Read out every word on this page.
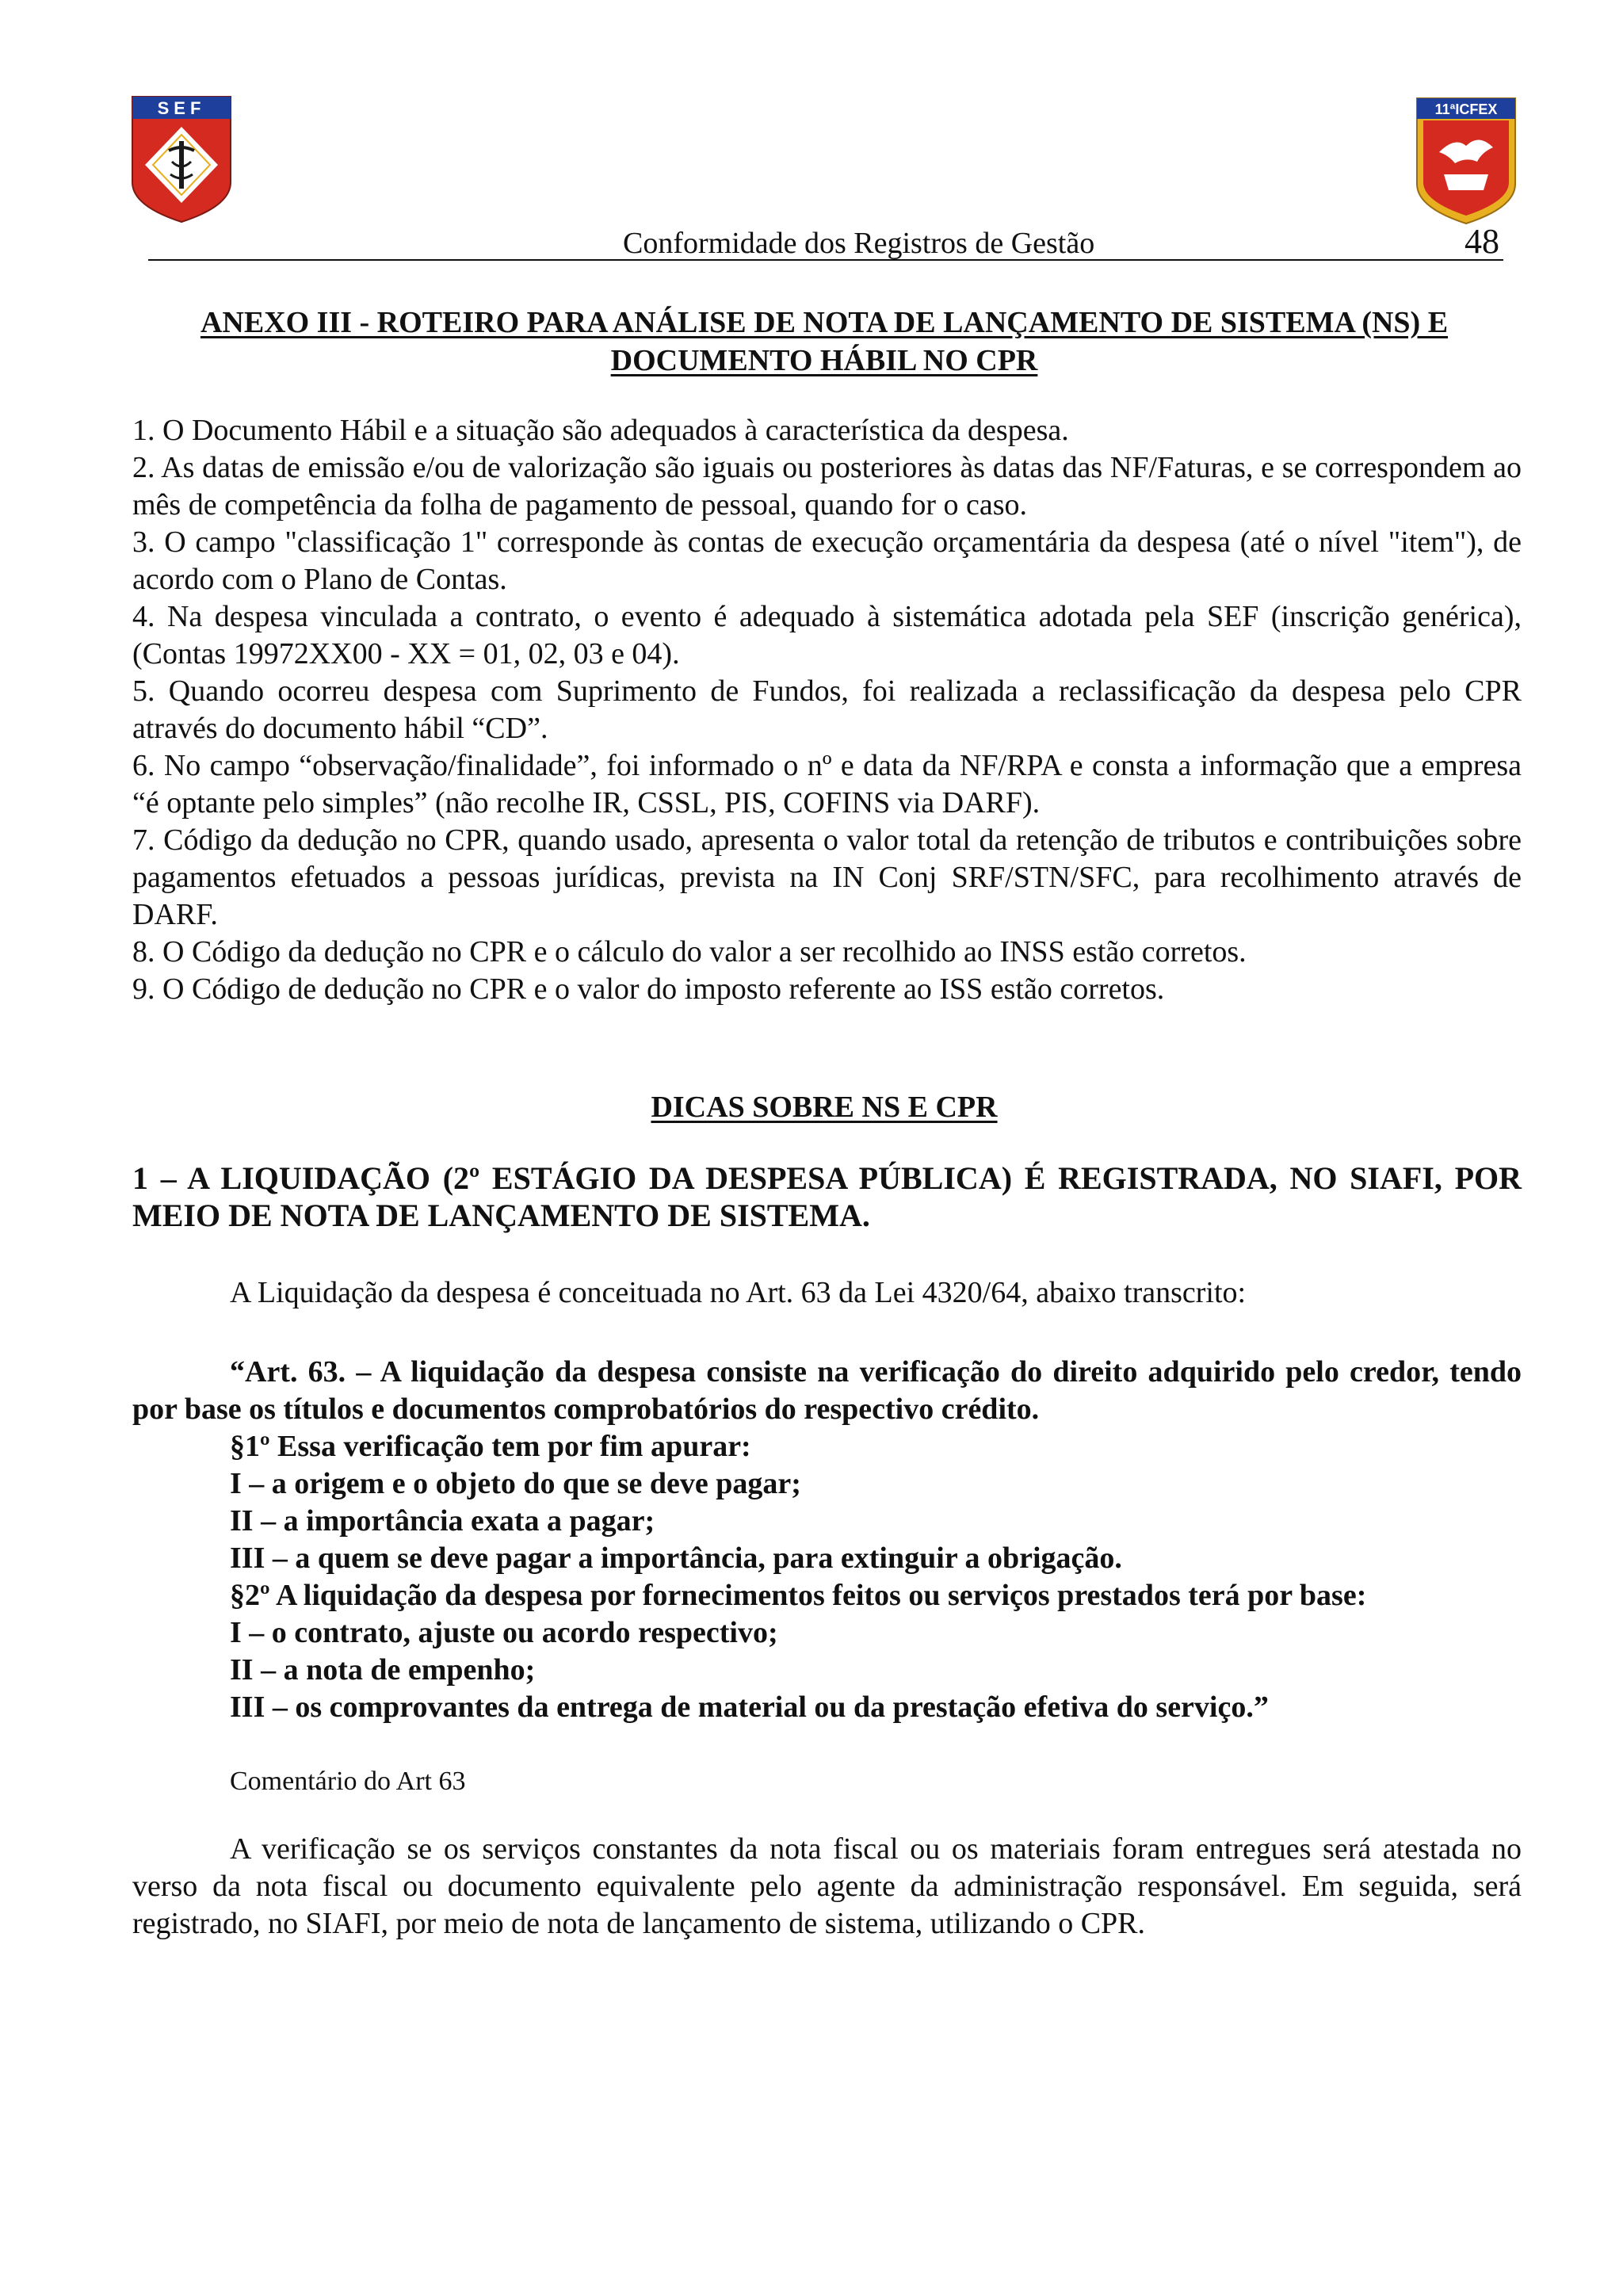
SEF	11ªICFEX
Conformidade dos Registros de Gestão	48
ANEXO III - ROTEIRO PARA ANÁLISE DE NOTA DE LANÇAMENTO DE SISTEMA (NS) E
DOCUMENTO HÁBIL NO CPR

1. O Documento Hábil e a situação são adequados à característica da despesa.

2. As datas de emissão e/ou de valorização são iguais ou posteriores às datas das NF/Faturas, e se correspondem ao mês de competência da folha de pagamento de pessoal, quando for o caso.

3. O campo "classificação 1" corresponde às contas de execução orçamentária da despesa (até o nível "item"), de acordo com o Plano de Contas.

4. Na despesa vinculada a contrato, o evento é adequado à sistemática adotada pela SEF (inscrição genérica), (Contas 19972XX00 - XX = 01, 02, 03 e 04).

5. Quando ocorreu despesa com Suprimento de Fundos, foi realizada a reclassificação da despesa pelo CPR através do documento hábil “CD”.

6. No campo “observação/finalidade”, foi informado o nº e data da NF/RPA e consta a informação que a empresa “é optante pelo simples” (não recolhe IR, CSSL, PIS, COFINS via DARF).

7. Código da dedução no CPR, quando usado, apresenta o valor total da retenção de tributos e contribuições sobre pagamentos efetuados a pessoas jurídicas, prevista na IN Conj SRF/STN/SFC, para recolhimento através de DARF.

8. O Código da dedução no CPR e o cálculo do valor a ser recolhido ao INSS estão corretos.

9. O Código de dedução no CPR e o valor do imposto referente ao ISS estão corretos.

DICAS SOBRE NS E CPR
1 – A LIQUIDAÇÃO (2º ESTÁGIO DA DESPESA PÚBLICA) É REGISTRADA, NO SIAFI, POR MEIO DE NOTA DE LANÇAMENTO DE SISTEMA.
A Liquidação da despesa é conceituada no Art. 63 da Lei 4320/64, abaixo transcrito:

“Art. 63. – A liquidação da despesa consiste na verificação do direito adquirido pelo credor, tendo por base os títulos e documentos comprobatórios do respectivo crédito.

§1º Essa verificação tem por fim apurar:

I – a origem e o objeto do que se deve pagar;

II – a importância exata a pagar;

III – a quem se deve pagar a importância, para extinguir a obrigação.

§2º A liquidação da despesa por fornecimentos feitos ou serviços prestados terá por base:

I – o contrato, ajuste ou acordo respectivo;

II – a nota de empenho;

III – os comprovantes da entrega de material ou da prestação efetiva do serviço.”

Comentário do Art 63
A verificação se os serviços constantes da nota fiscal ou os materiais foram entregues será atestada no verso da nota fiscal ou documento equivalente pelo agente da administração responsável. Em seguida, será registrado, no SIAFI, por meio de nota de lançamento de sistema, utilizando o CPR.
